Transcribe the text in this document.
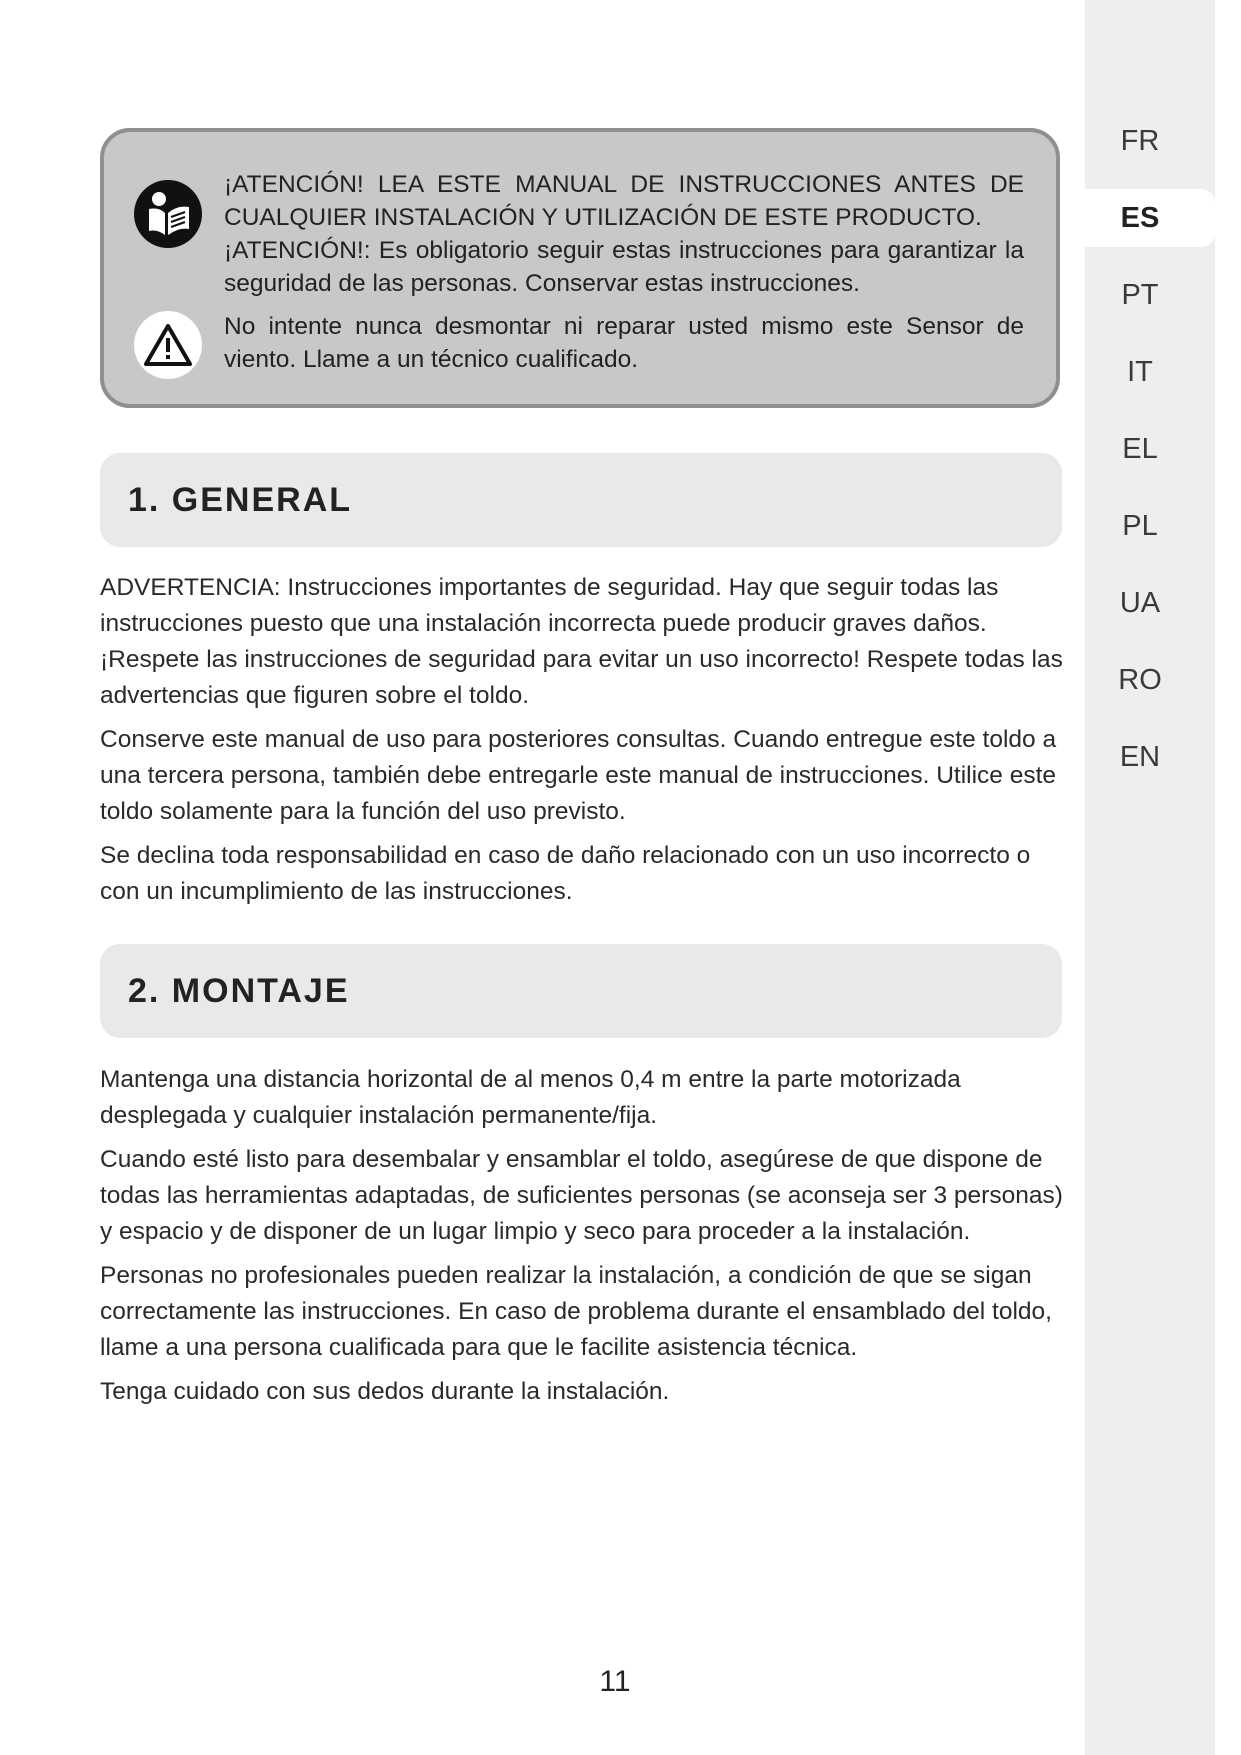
FR
ES
PT
IT
EL
PL
UA
RO
EN

¡ATENCIÓN! LEA ESTE MANUAL DE INSTRUCCIONES ANTES DE CUALQUIER INSTALACIÓN Y UTILIZACIÓN DE ESTE PRODUCTO.

¡ATENCIÓN!: Es obligatorio seguir estas instrucciones para garantizar la seguridad de las personas. Conservar estas instrucciones.

No intente nunca desmontar ni reparar usted mismo este Sensor de viento. Llame a un técnico cualificado.

1. GENERAL

ADVERTENCIA: Instrucciones importantes de seguridad. Hay que seguir todas las instrucciones puesto que una instalación incorrecta puede producir graves daños. ¡Respete las instrucciones de seguridad para evitar un uso incorrecto! Respete todas las advertencias que figuren sobre el toldo.

Conserve este manual de uso para posteriores consultas. Cuando entregue este toldo a una tercera persona, también debe entregarle este manual de instrucciones. Utilice este toldo solamente para la función del uso previsto.

Se declina toda responsabilidad en caso de daño relacionado con un uso incorrecto o con un incumplimiento de las instrucciones.

2. MONTAJE

Mantenga una distancia horizontal de al menos 0,4 m entre la parte motorizada desplegada y cualquier instalación permanente/fija.

Cuando esté listo para desembalar y ensamblar el toldo, asegúrese de que dispone de todas las herramientas adaptadas, de suficientes personas (se aconseja ser 3 personas) y espacio y de disponer de un lugar limpio y seco para proceder a la instalación.

Personas no profesionales pueden realizar la instalación, a condición de que se sigan correctamente las instrucciones. En caso de problema durante el ensamblado del toldo, llame a una persona cualificada para que le facilite asistencia técnica.

Tenga cuidado con sus dedos durante la instalación.

11
